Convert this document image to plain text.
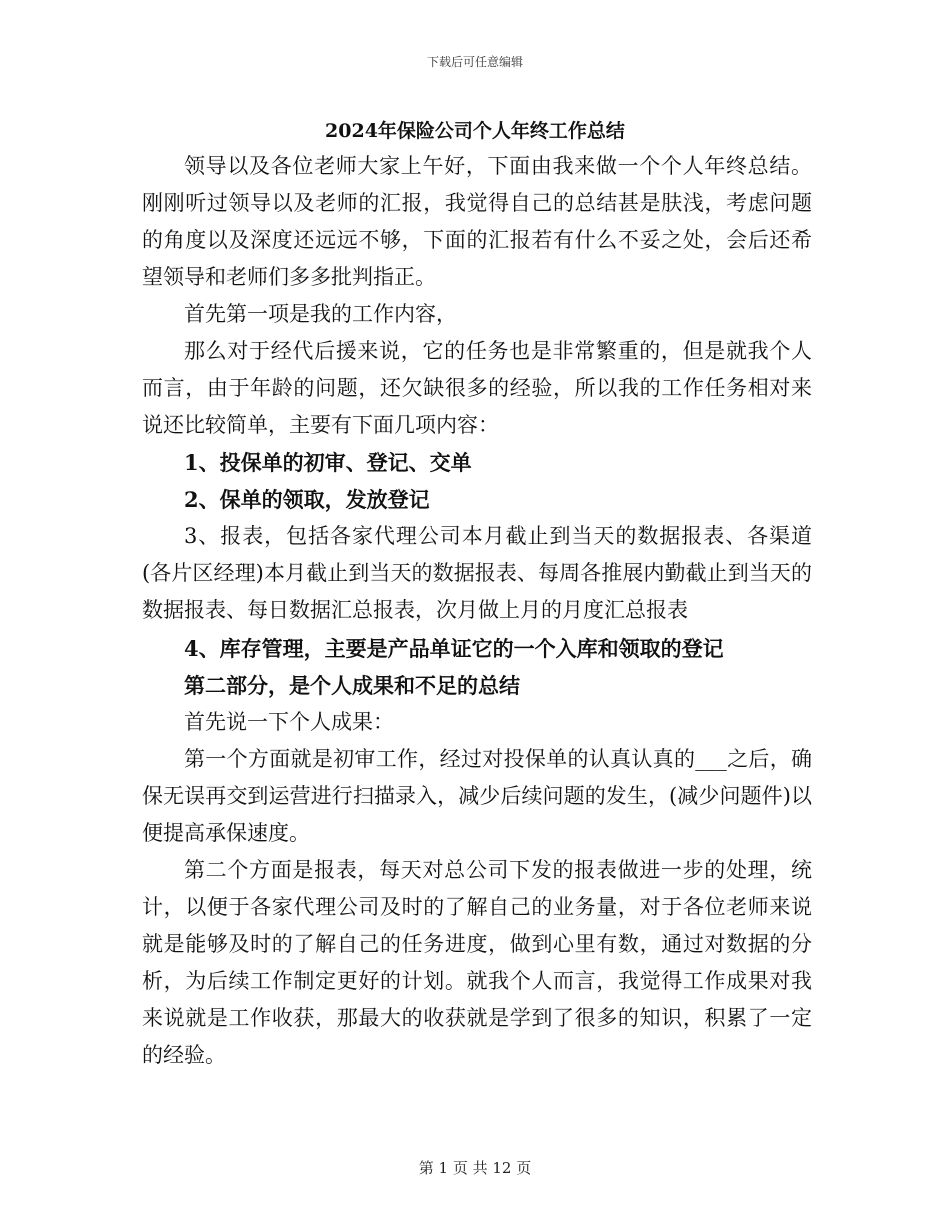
下载后可任意编辑
2024年保险公司个人年终工作总结

领导以及各位老师大家上午好，下面由我来做一个个人年终总结。刚刚听过领导以及老师的汇报，我觉得自己的总结甚是肤浅，考虑问题的角度以及深度还远远不够，下面的汇报若有什么不妥之处，会后还希望领导和老师们多多批判指正。

首先第一项是我的工作内容，

那么对于经代后援来说，它的任务也是非常繁重的，但是就我个人而言，由于年龄的问题，还欠缺很多的经验，所以我的工作任务相对来说还比较简单，主要有下面几项内容：

1、投保单的初审、登记、交单

2、保单的领取，发放登记

3、报表，包括各家代理公司本月截止到当天的数据报表、各渠道(各片区经理)本月截止到当天的数据报表、每周各推展内勤截止到当天的数据报表、每日数据汇总报表，次月做上月的月度汇总报表

4、库存管理，主要是产品单证它的一个入库和领取的登记

第二部分，是个人成果和不足的总结

首先说一下个人成果：

第一个方面就是初审工作，经过对投保单的认真认真的___之后，确保无误再交到运营进行扫描录入，减少后续问题的发生，(减少问题件)以便提高承保速度。

第二个方面是报表，每天对总公司下发的报表做进一步的处理，统计，以便于各家代理公司及时的了解自己的业务量，对于各位老师来说就是能够及时的了解自己的任务进度，做到心里有数，通过对数据的分析，为后续工作制定更好的计划。就我个人而言，我觉得工作成果对我来说就是工作收获，那最大的收获就是学到了很多的知识，积累了一定的经验。

第 1 页 共 12 页
